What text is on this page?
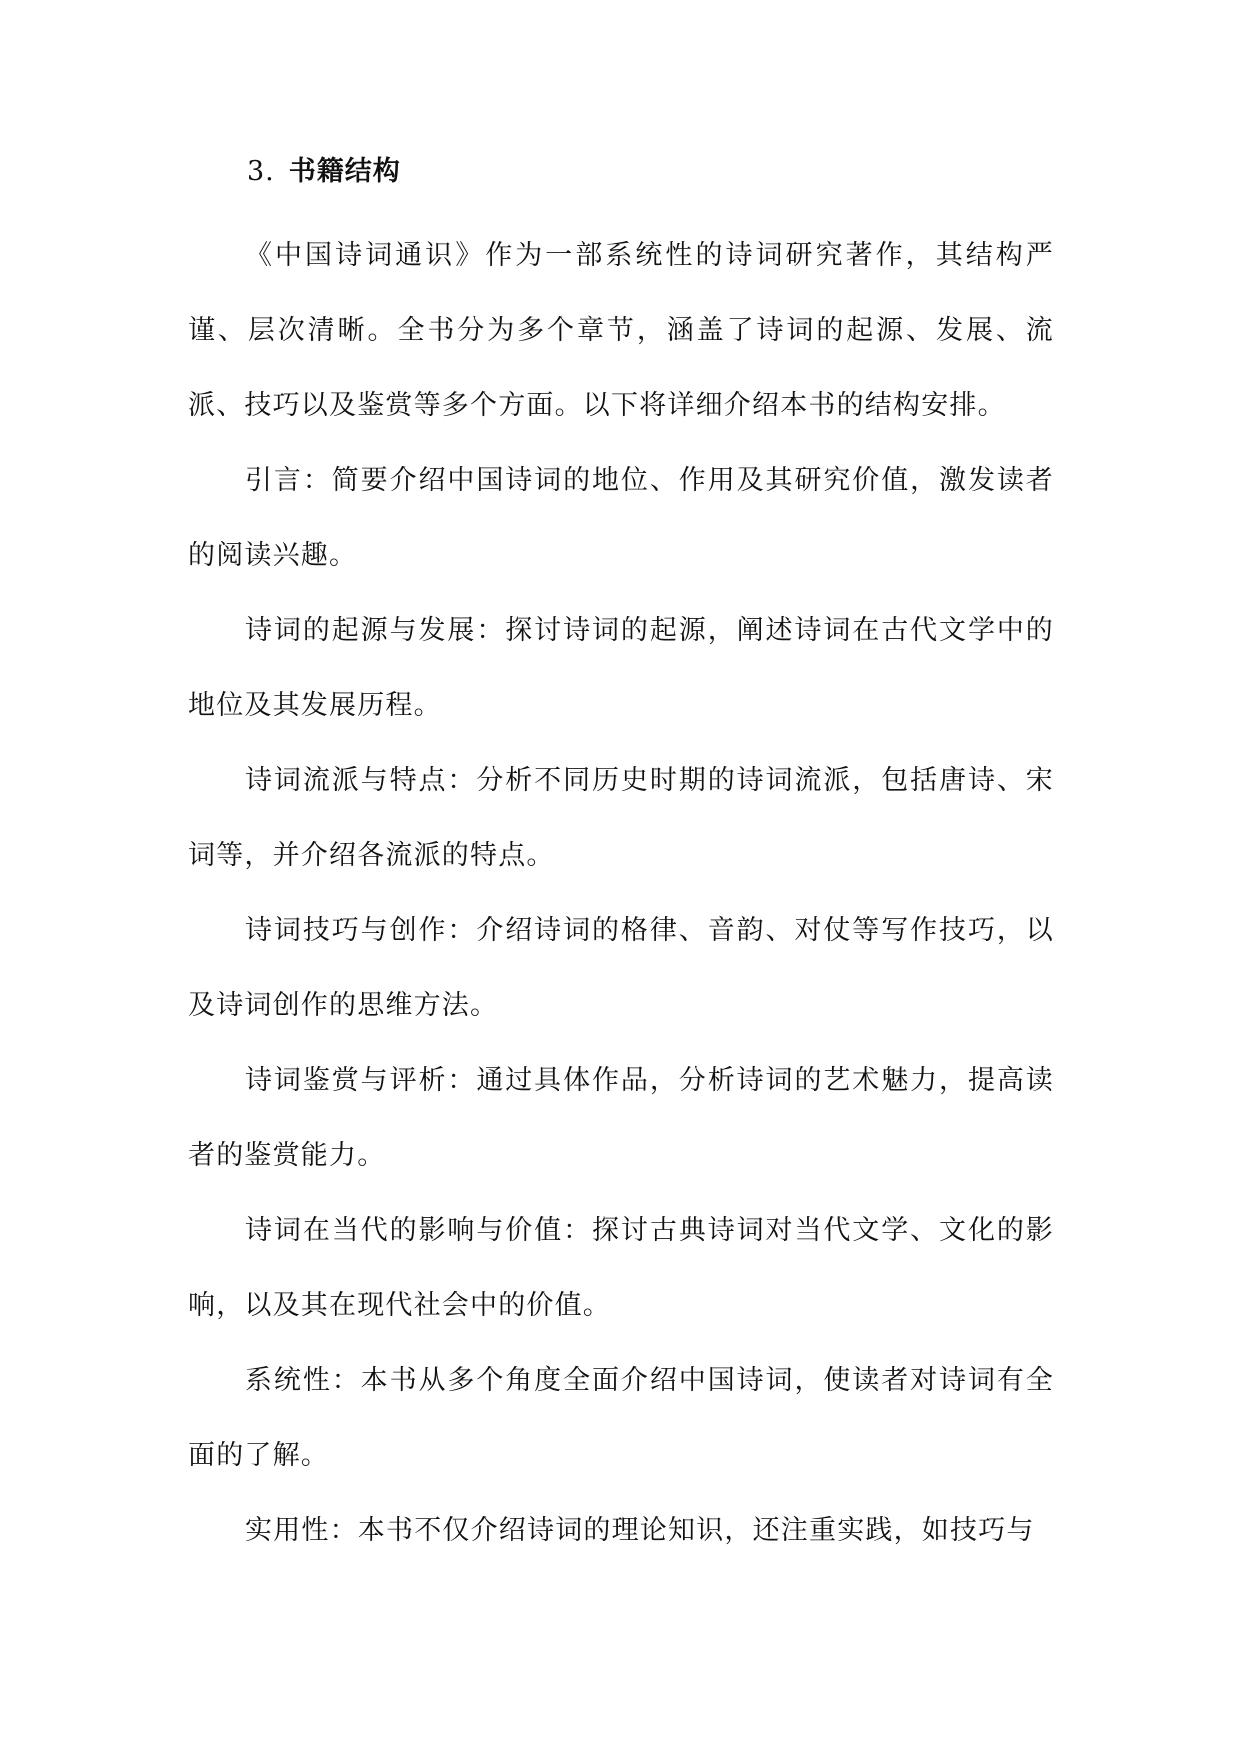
3. 书籍结构

《中国诗词通识》作为一部系统性的诗词研究著作，其结构严谨、层次清晰。全书分为多个章节，涵盖了诗词的起源、发展、流派、技巧以及鉴赏等多个方面。以下将详细介绍本书的结构安排。

引言：简要介绍中国诗词的地位、作用及其研究价值，激发读者的阅读兴趣。

诗词的起源与发展：探讨诗词的起源，阐述诗词在古代文学中的地位及其发展历程。

诗词流派与特点：分析不同历史时期的诗词流派，包括唐诗、宋词等，并介绍各流派的特点。

诗词技巧与创作：介绍诗词的格律、音韵、对仗等写作技巧，以及诗词创作的思维方法。

诗词鉴赏与评析：通过具体作品，分析诗词的艺术魅力，提高读者的鉴赏能力。

诗词在当代的影响与价值：探讨古典诗词对当代文学、文化的影响，以及其在现代社会中的价值。

系统性：本书从多个角度全面介绍中国诗词，使读者对诗词有全面的了解。

实用性：本书不仅介绍诗词的理论知识，还注重实践，如技巧与
